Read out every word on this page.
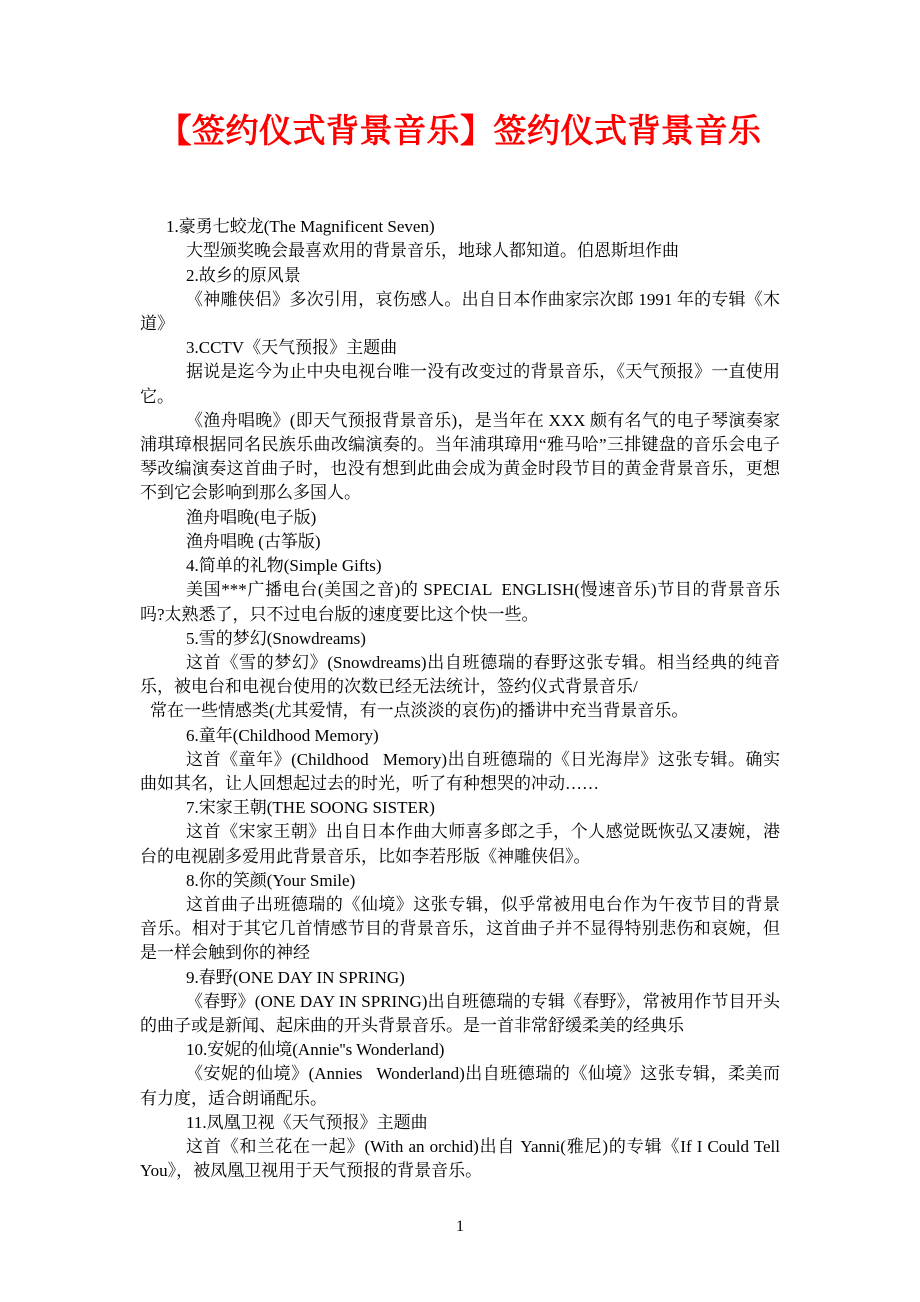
【签约仪式背景音乐】签约仪式背景音乐

1.豪勇七蛟龙(The Magnificent Seven)

大型颁奖晚会最喜欢用的背景音乐，地球人都知道。伯恩斯坦作曲

2.故乡的原风景

《神雕侠侣》多次引用，哀伤感人。出自日本作曲家宗次郎 1991 年的专辑《木道》

3.CCTV《天气预报》主题曲

据说是迄今为止中央电视台唯一没有改变过的背景音乐，《天气预报》一直使用它。

《渔舟唱晚》(即天气预报背景音乐)，是当年在 XXX 颇有名气的电子琴演奏家浦琪璋根据同名民族乐曲改编演奏的。当年浦琪璋用“雅马哈”三排键盘的音乐会电子琴改编演奏这首曲子时，也没有想到此曲会成为黄金时段节目的黄金背景音乐，更想不到它会影响到那么多国人。

渔舟唱晚(电子版)

渔舟唱晚 (古筝版)

4.简单的礼物(Simple Gifts)

美国***广播电台(美国之音)的 SPECIAL  ENGLISH(慢速音乐)节目的背景音乐吗?太熟悉了，只不过电台版的速度要比这个快一些。

5.雪的梦幻(Snowdreams)

这首《雪的梦幻》(Snowdreams)出自班德瑞的春野这张专辑。相当经典的纯音乐，被电台和电视台使用的次数已经无法统计，签约仪式背景音乐/

常在一些情感类(尤其爱情，有一点淡淡的哀伤)的播讲中充当背景音乐。

6.童年(Childhood Memory)

这首《童年》(Childhood   Memory)出自班德瑞的《日光海岸》这张专辑。确实曲如其名，让人回想起过去的时光，听了有种想哭的冲动……

7.宋家王朝(THE SOONG SISTER)

这首《宋家王朝》出自日本作曲大师喜多郎之手，个人感觉既恢弘又凄婉，港台的电视剧多爱用此背景音乐，比如李若彤版《神雕侠侣》。

8.你的笑颜(Your Smile)

这首曲子出班德瑞的《仙境》这张专辑，似乎常被用电台作为午夜节目的背景音乐。相对于其它几首情感节目的背景音乐，这首曲子并不显得特别悲伤和哀婉，但是一样会触到你的神经

9.春野(ONE DAY IN SPRING)

《春野》(ONE DAY IN SPRING)出自班德瑞的专辑《春野》，常被用作节目开头的曲子或是新闻、起床曲的开头背景音乐。是一首非常舒缓柔美的经典乐

10.安妮的仙境(Annie''s Wonderland)

《安妮的仙境》(Annies   Wonderland)出自班德瑞的《仙境》这张专辑，柔美而有力度，适合朗诵配乐。

11.凤凰卫视《天气预报》主题曲

这首《和兰花在一起》(With an orchid)出自 Yanni(雅尼)的专辑《If I Could Tell You》，被凤凰卫视用于天气预报的背景音乐。

1
